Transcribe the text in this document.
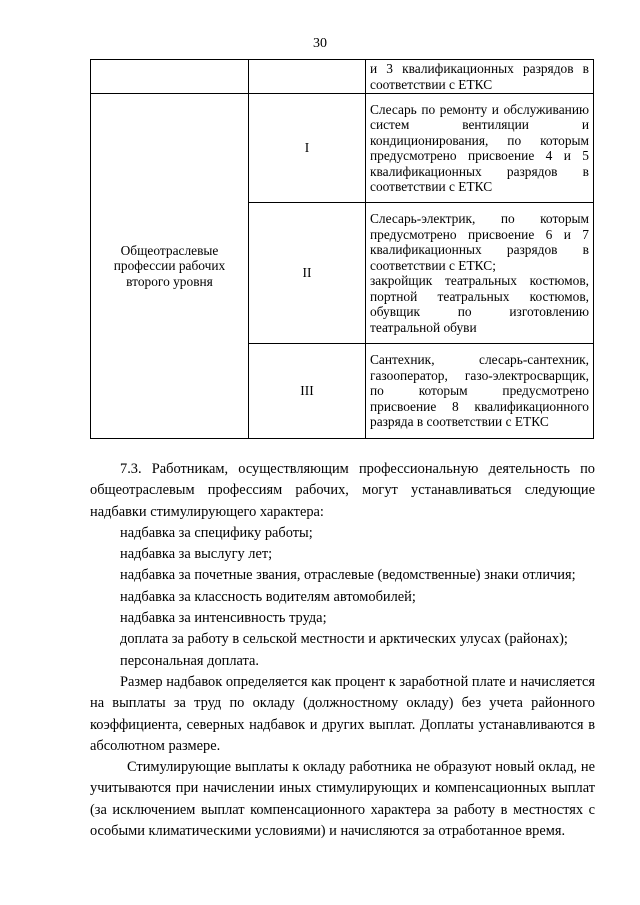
30
		и 3 квалификационных разрядов в соответствии с ЕТКС
Общеотраслевые профессии рабочих второго уровня	I	Слесарь по ремонту и обслуживанию систем вентиляции и кондиционирования, по которым предусмотрено присвоение 4 и 5 квалификационных разрядов в соответствии с ЕТКС
	II	Слесарь-электрик, по которым предусмотрено присвоение 6 и 7 квалификационных разрядов в соответствии с ЕТКС;
закройщик театральных костюмов, портной театральных костюмов, обувщик по изготовлению театральной обуви

	III	Сантехник, слесарь-сантехник, газооператор, газо-электросварщик, по которым предусмотрено присвоение 8 квалификационного разряда в соответствии с ЕТКС

7.3. Работникам, осуществляющим профессиональную деятельность по общеотраслевым профессиям рабочих, могут устанавливаться следующие надбавки стимулирующего характера:

надбавка за специфику работы;

надбавка за выслугу лет;

надбавка за почетные звания, отраслевые (ведомственные) знаки отличия;

надбавка за классность водителям автомобилей;

надбавка за интенсивность труда;

доплата за работу в сельской местности и арктических улусах (районах);

персональная доплата.

Размер надбавок определяется как процент к заработной плате и начисляется на выплаты за труд по окладу (должностному окладу) без учета районного коэффициента, северных надбавок и других выплат. Доплаты устанавливаются в абсолютном размере.

Стимулирующие выплаты к окладу работника не образуют новый оклад, не учитываются при начислении иных стимулирующих и компенсационных выплат (за исключением выплат компенсационного характера за работу в местностях с особыми климатическими условиями) и начисляются за отработанное время.
